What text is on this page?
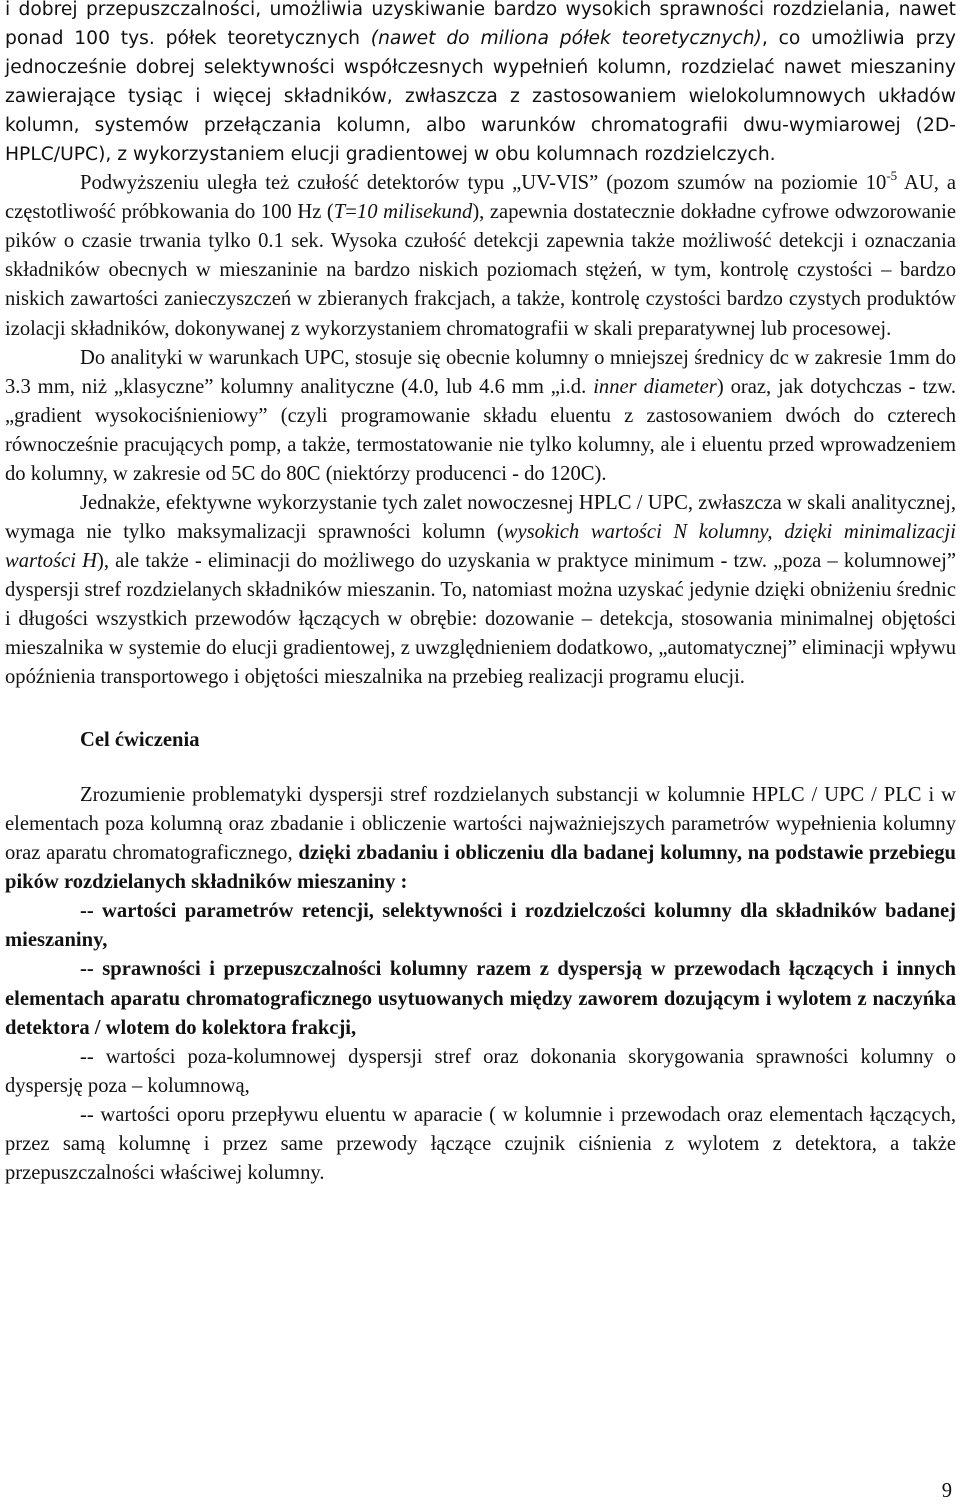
i dobrej przepuszczalności, umożliwia uzyskiwanie bardzo wysokich sprawności rozdzielania, nawet ponad 100 tys. półek teoretycznych (nawet do miliona półek teoretycznych), co umożliwia przy jednocześnie dobrej selektywności współczesnych wypełnień kolumn, rozdzielać nawet mieszaniny zawierające tysiąc i więcej składników, zwłaszcza z zastosowaniem wielokolumnowych układów kolumn, systemów przełączania kolumn, albo warunków chromatografii dwu-wymiarowej (2D-HPLC/UPC), z wykorzystaniem elucji gradientowej w obu kolumnach rozdzielczych.

Podwyższeniu uległa też czułość detektorów typu „UV-VIS” (pozom szumów na poziomie $10^{-5}$ AU, a częstotliwość próbkowania do 100 Hz (T=10 milisekund), zapewnia dostatecznie dokładne cyfrowe odwzorowanie pików o czasie trwania tylko 0.1 sek. Wysoka czułość detekcji zapewnia także możliwość detekcji i oznaczania składników obecnych w mieszaninie na bardzo niskich poziomach stężeń, w tym, kontrolę czystości – bardzo niskich zawartości zanieczyszczeń w zbieranych frakcjach, a także, kontrolę czystości bardzo czystych produktów izolacji składników, dokonywanej z wykorzystaniem chromatografii w skali preparatywnej lub procesowej.

Do analityki w warunkach UPC, stosuje się obecnie kolumny o mniejszej średnicy dc w zakresie 1mm do 3.3 mm, niż „klasyczne” kolumny analityczne (4.0, lub 4.6 mm „i.d. inner diameter) oraz, jak dotychczas - tzw. „gradient wysokociśnieniowy” (czyli programowanie składu eluentu z zastosowaniem dwóch do czterech równocześnie pracujących pomp, a także, termostatowanie nie tylko kolumny, ale i eluentu przed wprowadzeniem do kolumny, w zakresie od 5C do 80C (niektórzy producenci - do 120C).

Jednakże, efektywne wykorzystanie tych zalet nowoczesnej HPLC / UPC, zwłaszcza w skali analitycznej, wymaga nie tylko maksymalizacji sprawności kolumn (wysokich wartości N kolumny, dzięki minimalizacji wartości H), ale także - eliminacji do możliwego do uzyskania w praktyce minimum - tzw. „poza – kolumnowej” dyspersji stref rozdzielanych składników mieszanin. To, natomiast można uzyskać jedynie dzięki obniżeniu średnic i długości wszystkich przewodów łączących w obrębie: dozowanie – detekcja, stosowania minimalnej objętości mieszalnika w systemie do elucji gradientowej, z uwzględnieniem dodatkowo, „automatycznej” eliminacji wpływu opóźnienia transportowego i objętości mieszalnika na przebieg realizacji programu elucji.

Cel ćwiczenia

Zrozumienie problematyki dyspersji stref rozdzielanych substancji w kolumnie HPLC / UPC / PLC i w elementach poza kolumną oraz zbadanie i obliczenie wartości najważniejszych parametrów wypełnienia kolumny oraz aparatu chromatograficznego, dzięki zbadaniu i obliczeniu dla badanej kolumny, na podstawie przebiegu pików rozdzielanych składników mieszaniny :

-- wartości parametrów retencji, selektywności i rozdzielczości kolumny dla składników badanej mieszaniny,

-- sprawności i przepuszczalności kolumny razem z dyspersją w przewodach łączących i innych elementach aparatu chromatograficznego usytuowanych między zaworem dozującym i wylotem z naczyńka detektora / wlotem do kolektora frakcji,

-- wartości poza-kolumnowej dyspersji stref oraz dokonania skorygowania sprawności kolumny o dyspersję poza – kolumnową,

-- wartości oporu przepływu eluentu w aparacie ( w kolumnie i przewodach oraz elementach łączących, przez samą kolumnę i przez same przewody łączące czujnik ciśnienia z wylotem z detektora, a także przepuszczalności właściwej kolumny.

9
